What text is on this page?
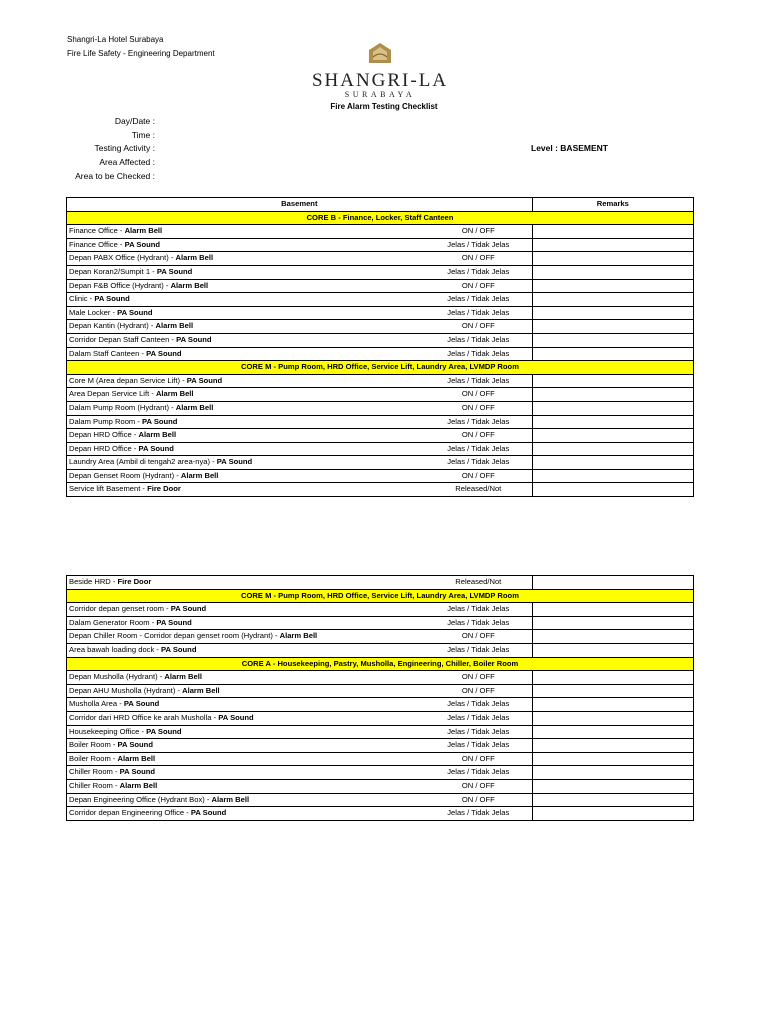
Shangri-La Hotel Surabaya
Fire Life Safety - Engineering Department
SHANGRI-LA
SURABAYA
Fire Alarm Testing Checklist
Day/Date :
Time :
Testing Activity :
Area Affected :
Area to be Checked :
Level : BASEMENT
Basement		Remarks
CORE B - Finance, Locker, Staff Canteen		
Finance Office - Alarm Bell	ON / OFF	
Finance Office - PA Sound	Jelas / Tidak Jelas	
Depan PABX Office (Hydrant) - Alarm Bell	ON / OFF	
Depan Koran2/Sumpit 1 - PA Sound	Jelas / Tidak Jelas	
Depan F&B Office (Hydrant) - Alarm Bell	ON / OFF	
Clinic - PA Sound	Jelas / Tidak Jelas	
Male Locker - PA Sound	Jelas / Tidak Jelas	
Depan Kantin (Hydrant) - Alarm Bell	ON / OFF	
Corridor Depan Staff Canteen - PA Sound	Jelas / Tidak Jelas	
Dalam Staff Canteen - PA Sound	Jelas / Tidak Jelas	
CORE M - Pump Room, HRD Office, Service Lift, Laundry Area, LVMDP Room		
Core M (Area depan Service Lift) - PA Sound	Jelas / Tidak Jelas	
Area Depan Service Lift - Alarm Bell	ON / OFF	
Dalam Pump Room (Hydrant) - Alarm Bell	ON / OFF	
Dalam Pump Room - PA Sound	Jelas / Tidak Jelas	
Depan HRD Office - Alarm Bell	ON / OFF	
Depan HRD Office - PA Sound	Jelas / Tidak Jelas	
Laundry Area (Ambil di tengah2 area-nya) - PA Sound	Jelas / Tidak Jelas	
Depan Genset Room (Hydrant) - Alarm Bell	ON / OFF	
Service lift Basement - Fire Door	Released/Not	
Beside HRD - Fire Door	Released/Not	
CORE M - Pump Room, HRD Office, Service Lift, Laundry Area, LVMDP Room		
Corridor depan genset room - PA Sound	Jelas / Tidak Jelas	
Dalam Generator Room - PA Sound	Jelas / Tidak Jelas	
Depan Chiller Room - Corridor depan genset room (Hydrant) - Alarm Bell	ON / OFF	
Area bawah loading dock - PA Sound	Jelas / Tidak Jelas	
CORE A - Housekeeping, Pastry, Musholla, Engineering, Chiller, Boiler Room		
Depan Musholla (Hydrant) - Alarm Bell	ON / OFF	
Depan AHU Musholla (Hydrant) - Alarm Bell	ON / OFF	
Musholla Area - PA Sound	Jelas / Tidak Jelas	
Corridor dari HRD Office ke arah Musholla - PA Sound	Jelas / Tidak Jelas	
Housekeeping Office - PA Sound	Jelas / Tidak Jelas	
Boiler Room - PA Sound	Jelas / Tidak Jelas	
Boiler Room - Alarm Bell	ON / OFF	
Chiller Room - PA Sound	Jelas / Tidak Jelas	
Chiller Room - Alarm Bell	ON / OFF	
Depan Engineering Office (Hydrant Box) - Alarm Bell	ON / OFF	
Corridor depan Engineering Office - PA Sound	Jelas / Tidak Jelas	
